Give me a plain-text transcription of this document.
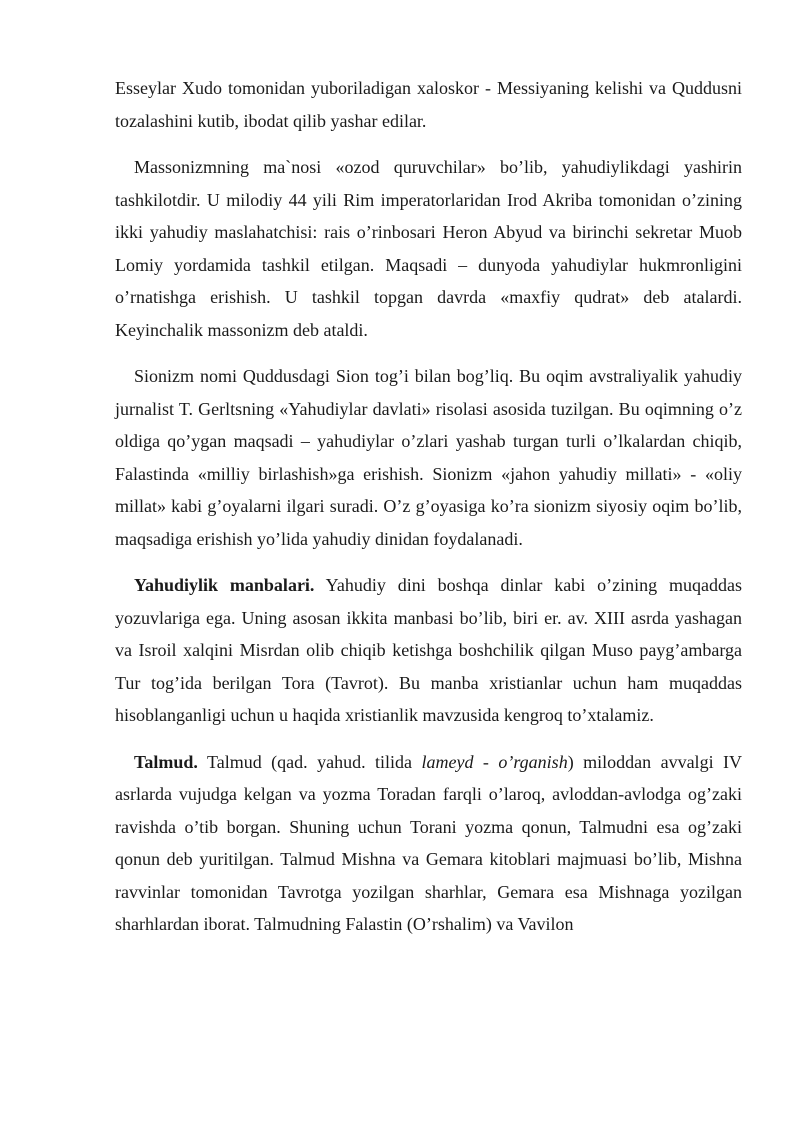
Esseylar Xudo tomonidan yuboriladigan xaloskor - Messiyaning kelishi va Quddusni tozalashini kutib, ibodat qilib yashar edilar.

Massonizmning ma`nosi «ozod quruvchilar» bo’lib, yahudiylikdagi yashirin tashkilotdir. U milodiy 44 yili Rim imperatorlaridan Irod Akriba tomonidan o’zining ikki yahudiy maslahatchisi: rais o’rinbosari Heron Abyud va birinchi sekretar Muob Lomiy yordamida tashkil etilgan. Maqsadi – dunyoda yahudiylar hukmronligini o’rnatishga erishish. U tashkil topgan davrda «maxfiy qudrat» deb atalardi. Keyinchalik massonizm deb ataldi.

Sionizm nomi Quddusdagi Sion tog’i bilan bog’liq. Bu oqim avstraliyalik yahudiy jurnalist T. Gerltsning «Yahudiylar davlati» risolasi asosida tuzilgan. Bu oqimning o’z oldiga qo’ygan maqsadi – yahudiylar o’zlari yashab turgan turli o’lkalardan chiqib, Falastinda «milliy birlashish»ga erishish. Sionizm «jahon yahudiy millati» - «oliy millat» kabi g’oyalarni ilgari suradi. O’z g’oyasiga ko’ra sionizm siyosiy oqim bo’lib, maqsadiga erishish yo’lida yahudiy dinidan foydalanadi.

Yahudiylik manbalari. Yahudiy dini boshqa dinlar kabi o’zining muqaddas yozuvlariga ega. Uning asosan ikkita manbasi bo’lib, biri er. av. XIII asrda yashagan va Isroil xalqini Misrdan olib chiqib ketishga boshchilik qilgan Muso payg’ambarga Tur tog’ida berilgan Tora (Tavrot). Bu manba xristianlar uchun ham muqaddas hisoblanganligi uchun u haqida xristianlik mavzusida kengroq to’xtalamiz.

Talmud. Talmud (qad. yahud. tilida lameyd - o’rganish) miloddan avvalgi IV asrlarda vujudga kelgan va yozma Toradan farqli o’laroq, avloddan-avlodga og’zaki ravishda o’tib borgan. Shuning uchun Torani yozma qonun, Talmudni esa og’zaki qonun deb yuritilgan. Talmud Mishna va Gemara kitoblari majmuasi bo’lib, Mishna ravvinlar tomonidan Tavrotga yozilgan sharhlar, Gemara esa Mishnaga yozilgan sharhlardan iborat. Talmudning Falastin (O’rshalim) va Vavilon
